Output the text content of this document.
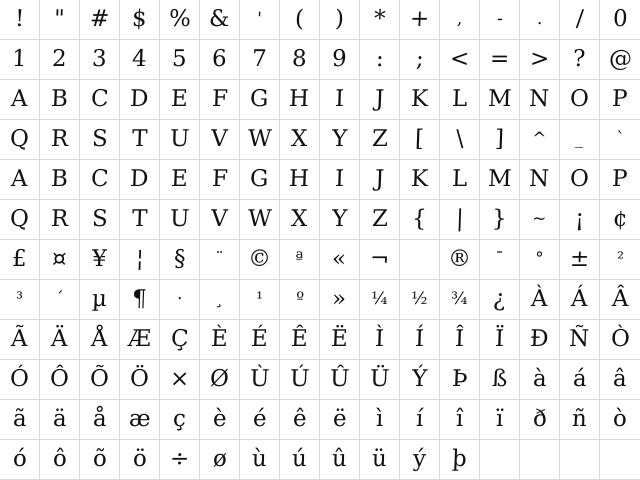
! " # $ % & ' ( ) * + , - . / 0
1 2 3 4 5 6 7 8 9 : ; < = > ? @
A B C D E F G H I J K L M N O P
Q R S T U V W X Y Z [ \ ] ^ _ `
A B C D E F G H I J K L M N O P
Q R S T U V W X Y Z { | } ~ ¡ ¢
£ ¤ ¥ ¦ § ¨ © ª « ¬  ® ¯ ° ± ²
³ ´ µ ¶ · ¸ ¹ º » ¼ ½ ¾ ¿ À Á Â
Ã Ä Å Æ Ç È É Ê Ë Ì Í Î Ï Ð Ñ Ò
Ó Ô Õ Ö × Ø Ù Ú Û Ü Ý Þ ß à á â
ã ä å æ ç è é ê ë ì í î ï ð ñ ò
ó ô õ ö ÷ ø ù ú û ü ý þ
